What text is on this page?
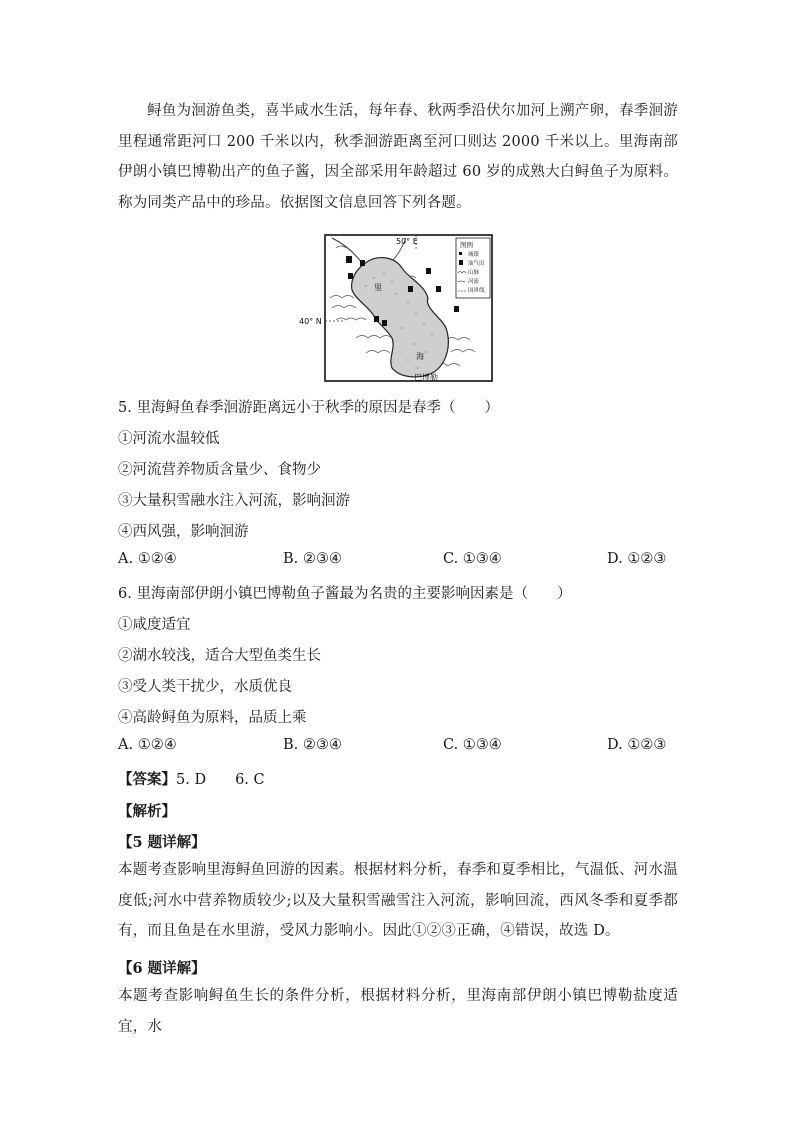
鲟鱼为洄游鱼类，喜半咸水生活，每年春、秋两季沿伏尔加河上溯产卵，春季洄游里程通常距河口 200 千米以内，秋季洄游距离至河口则达 2000 千米以上。里海南部伊朗小镇巴博勒出产的鱼子酱，因全部采用年龄超过 60 岁的成熟大白鲟鱼子为原料。称为同类产品中的珍品。依据图文信息回答下列各题。
50° E
40° N
里
海
巴博勒
图例
城镇
油气田
山脉
河流
国界线
5. 里海鲟鱼春季洄游距离远小于秋季的原因是春季（　　）
①河流水温较低
②河流营养物质含量少、食物少
③大量积雪融水注入河流，影响洄游
④西风强，影响洄游
A. ①②④	B. ②③④	C. ①③④	D. ①②③
6. 里海南部伊朗小镇巴博勒鱼子酱最为名贵的主要影响因素是（　　）
①咸度适宜
②湖水较浅，适合大型鱼类生长
③受人类干扰少，水质优良
④高龄鲟鱼为原料，品质上乘
A. ①②④	B. ②③④	C. ①③④	D. ①②③
【答案】5. D　　6. C
【解析】
【5 题详解】
本题考查影响里海鲟鱼回游的因素。根据材料分析，春季和夏季相比，气温低、河水温度低;河水中营养物质较少;以及大量积雪融雪注入河流，影响回流，西风冬季和夏季都有，而且鱼是在水里游，受风力影响小。因此①②③正确，④错误，故选 D。
【6 题详解】
本题考查影响鲟鱼生长的条件分析，根据材料分析，里海南部伊朗小镇巴博勒盐度适宜，水
